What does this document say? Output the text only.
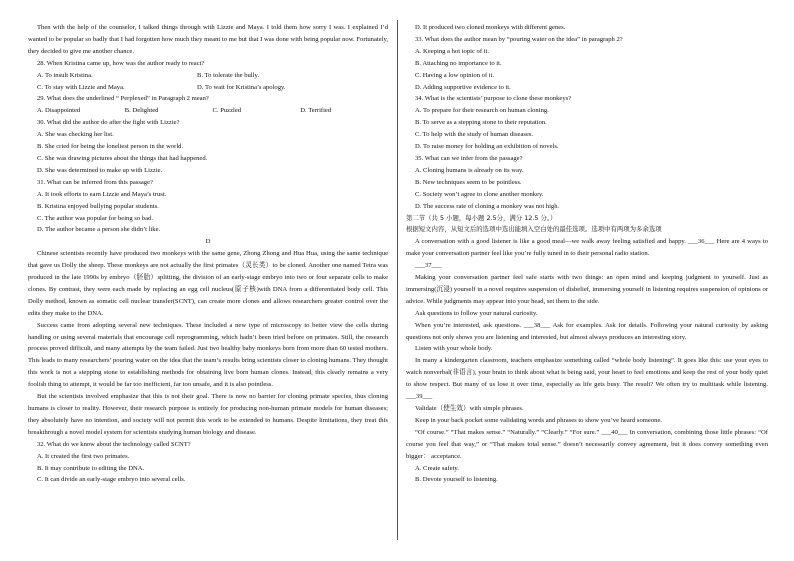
Then with the help of the counselor, I talked things through with Lizzie and Maya. I told them how sorry I was. I explained I’d wanted to be popular so badly that I had forgotten how much they meant to me but that I was done with being popular now. Fortunately, they decided to give me another chance.

28. When Kristina came up, how was the author ready to react?

A. To insult Kristina.	B. To tolerate the bully.
C. To stay with Lizzie and Maya.	D. To wait for Kristina’s apology.

29. What does the underlined “ Perplexed” in Paragraph 2 mean?

A. Disappointed	B. Delighted	C. Puzzled	D. Terrified

30. What did the author do after the fight with Lizzie?

A. She was checking her list.

B. She cried for being the loneliest person in the world.

C. She was drawing pictures about the things that had happened.

D. She was determined to make up with Lizzie.

31. What can be inferred from this passage?

A. It took efforts to earn Lizzie and Maya’s trust.

B. Kristina enjoyed bullying popular students.

C. The author was popular for being so bad.

D. The author became a person she didn’t like.

D

Chinese scientists recently have produced two monkeys with the same gene, Zhong Zhong and Hua Hua, using the same technique that gave us Dolly the sheep. These monkeys are not actually the first primates（灵长类）to be cloned. Another one named Tetra was produced in the late 1990s by embryo（胚胎）splitting, the division of an early-stage embryo into two or four separate cells to make clones. By contrast, they were each made by replacing an egg cell nucleus(原子核)with DNA from a differentiated body cell. This Dolly method, known as somatic cell nuclear transfer(SCNT), can create more clones and allows researchers greater control over the edits they make to the DNA.

Success came from adopting several new techniques. These included a new type of microscopy to better view the cells during handling or using several materials that encourage cell reprogramming, which hadn’t been tried before on primates. Still, the research process proved difficult, and many attempts by the team failed. Just two healthy baby monkeys born from more than 60 tested mothers. This leads to many researchers’ pouring water on the idea that the team’s results bring scientists closer to cloning humans. They thought this work is not a stepping stone to establishing methods for obtaining live born human clones. Instead, this clearly remains a very foolish thing to attempt, it would be far too inefficient, far too unsafe, and it is also pointless.

But the scientists involved emphasize that this is not their goal. There is now no barrier for cloning primate species, thus cloning humans is closer to reality. However, their research purpose is entirely for producing non-human primate models for human diseases; they absolutely have no intention, and society will not permit this work to be extended to humans. Despite limitations, they treat this breakthrough a novel model system for scientists studying human biology and disease.

32. What do we know about the technology called SCNT?

A. It created the first two primates.

B. It may contribute to editing the DNA.

C. It can divide an early-stage embryo into several cells.

D. It produced two cloned monkeys with different genes.

33. What does the author mean by “pouring water on the idea” in paragraph 2?

A. Keeping a hot topic of it.

B. Attaching no importance to it.

C. Having a low opinion of it.

D. Adding supportive evidence to it.

34. What is the scientists’ purpose to clone these monkeys?

A. To prepare for their research on human cloning.

B. To serve as a stepping stone to their reputation.

C. To help with the study of human diseases.

D. To raise money for holding an exhibition of novels.

35. What can we infer from the passage?

A. Cloning humans is already on its way.

B. New techniques seem to be pointless.

C. Society won’t agree to clone another monkey.

D. The success rate of cloning a monkey was not high.

第二节（共 5 小题，每小题 2.5分，满分 12.5 分。）

根据短文内容，从短文后的选项中选出能填入空白处的最佳选项。选项中有两项为多余选项

A conversation with a good listener is like a good meal—we walk away feeling satisfied and happy. ___36___ Here are 4 ways to make your conversation partner feel like you’re fully tuned in to their personal radio station.

___37___

Making your conversation partner feel safe starts with two things: an open mind and keeping judgment to yourself. Just as immersing(沉浸) yourself in a novel requires suspension of disbelief, immersing yourself in listening requires suspension of opinions or advice. While judgments may appear into your head, set them to the side.

Ask questions to follow your natural curiosity.

When you’re interested, ask questions. ___38___ Ask for examples. Ask for details. Following your natural curiosity by asking questions not only shows you are listening and interested, but almost always produces an interesting story.

Listen with your whole body.

In many a kindergarten classroom, teachers emphasize something called “whole body listening”. It goes like this: use your eyes to watch nonverbal(非语言), your brain to think about what is being said, your heart to feel emotions and keep the rest of your body quiet to show respect. But many of us lose it over time, especially as life gets busy. The result? We often try to multitask while listening. ___39___

Validate（使生效）with simple phrases.

Keep in your back pocket some validating words and phrases to show you’ve heard someone.

“Of course.” “That makes sense.” “Naturally.” “Clearly.” “For sure.” ___40___ In conversation, combining those little phrases: “Of course you feel that way,” or “That makes total sense.” doesn’t necessarily convey agreement, but it does convey something even bigger： acceptance.

A. Create safety.

B. Devote yourself to listening.
